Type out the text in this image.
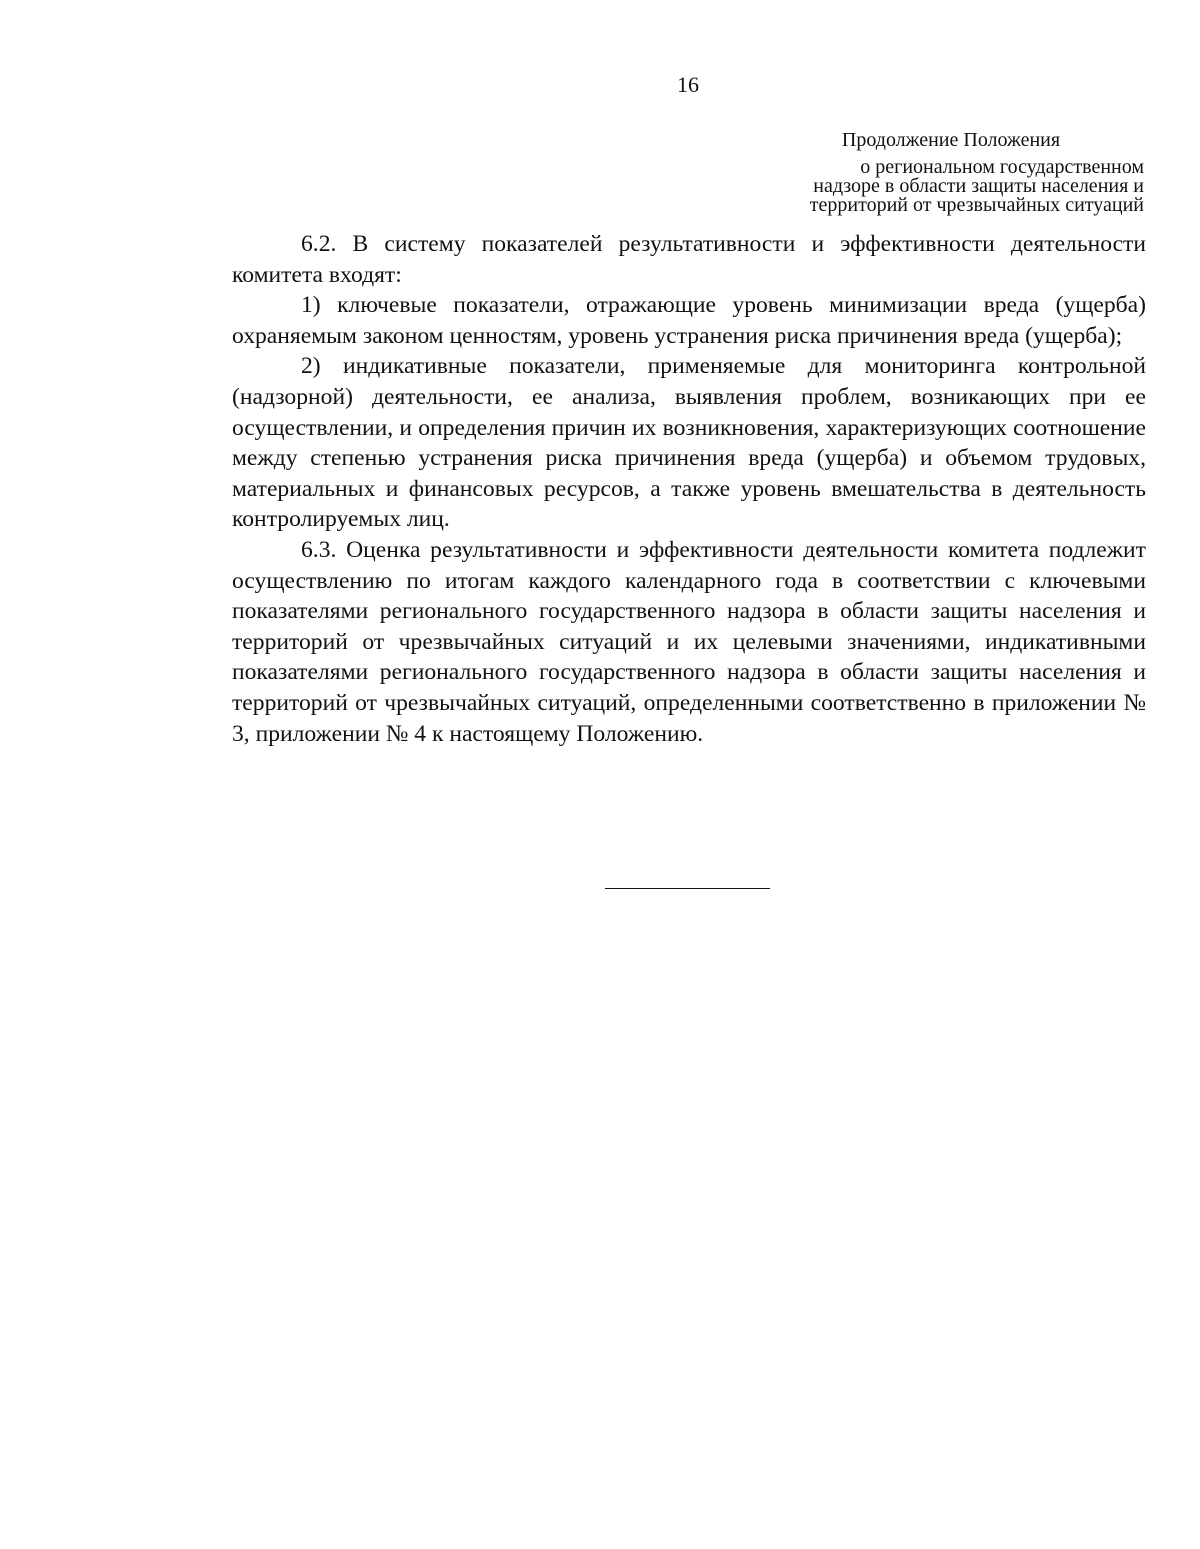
16
Продолжение Положения
о региональном государственном
надзоре в области защиты населения и
территорий от чрезвычайных ситуаций

6.2. В систему показателей результативности и эффективности деятельности комитета входят:

1) ключевые показатели, отражающие уровень минимизации вреда (ущерба) охраняемым законом ценностям, уровень устранения риска причинения вреда (ущерба);

2) индикативные показатели, применяемые для мониторинга контрольной (надзорной) деятельности, ее анализа, выявления проблем, возникающих при ее осуществлении, и определения причин их возникновения, характеризующих соотношение между степенью устранения риска причинения вреда (ущерба) и объемом трудовых, материальных и финансовых ресурсов, а также уровень вмешательства в деятельность контролируемых лиц.

6.3. Оценка результативности и эффективности деятельности комитета подлежит осуществлению по итогам каждого календарного года в соответствии с ключевыми показателями регионального государственного надзора в области защиты населения и территорий от чрезвычайных ситуаций и их целевыми значениями, индикативными показателями регионального государственного надзора в области защиты населения и территорий от чрезвычайных ситуаций, определенными соответственно в приложении № 3, приложении № 4 к настоящему Положению.
